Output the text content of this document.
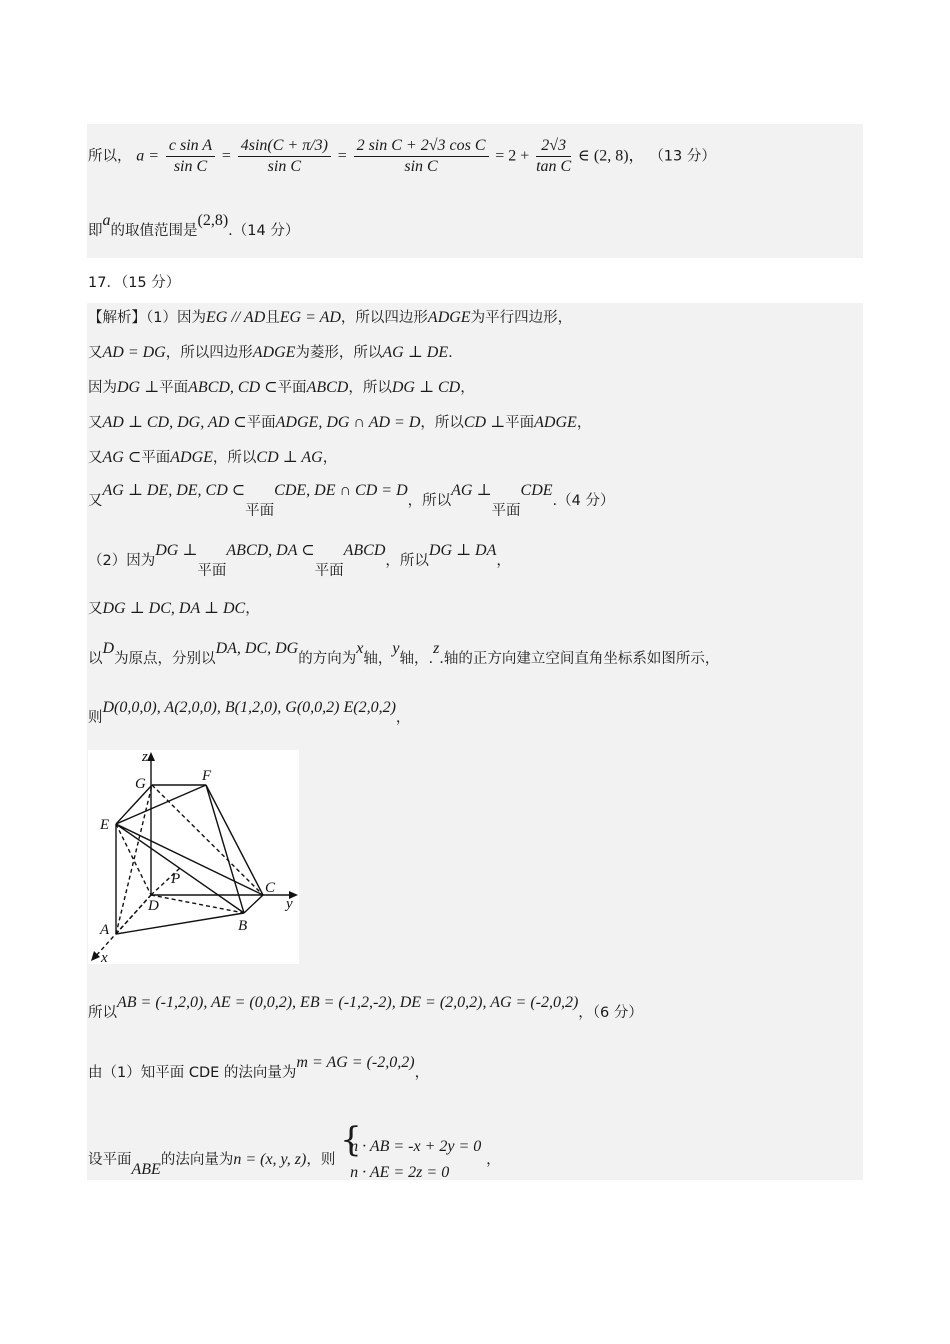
所以， $a = \frac{\text{c sin A}}{\text{sin C}} = \frac{4\sin(C + \pi/3)}{\text{sin C}} = \frac{\text{2 sin C + 2√3 cos C}}{\text{sin C}} = 2 + \frac{2√3}{\text{tan C}}$ ∈ (2, 8)， （13 分）
即a的取值范围是(2,8).（14 分）
17．（15 分）
【解析】（1）因为EG // AD且EG = AD，所以四边形ADGE为平行四边形，
又AD = DG，所以四边形ADGE为菱形，所以AG ⊥ DE.
因为DG ⊥平面ABCD, CD ⊂平面ABCD，所以DG ⊥ CD，
又AD ⊥ CD, DG, AD ⊂平面ADGE, DG ∩ AD = D，所以CD ⊥平面ADGE，
又AG ⊂平面ADGE，所以CD ⊥ AG，
又AG ⊥ DE, DE, CD ⊂平面CDE, DE ∩ CD = D，所以AG ⊥平面CDE.（4 分）
（2）因为DG ⊥平面ABCD, DA ⊂平面ABCD，所以DG ⊥ DA，
又DG ⊥ DC, DA ⊥ DC，
以D为原点，分别以DA, DC, DG的方向为x轴，y轴，.z.轴的正方向建立空间直角坐标系如图所示，
则D(0,0,0), A(2,0,0), B(1,2,0), G(0,0,2) E(2,0,2)，
z
G	F
E
P
C
D	y
A	B
x
所以AB = (-1,2,0), AE = (0,0,2), EB = (-1,2,-2), DE = (2,0,2), AG = (-2,0,2)，（6 分）
由（1）知平面 CDE 的法向量为m = AG = (-2,0,2)，
设平面ABE的法向量为n = (x, y, z)，则 {
n · AB = -x + 2y = 0
n · AE = 2z = 0
，
